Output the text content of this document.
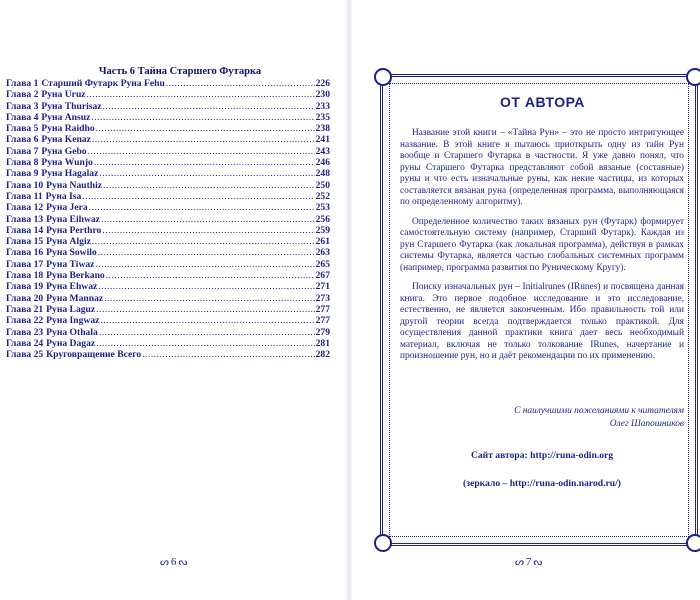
Часть 6 Тайна Старшего Футарка
Глава 1 Старший Футарк Руна Fehu .....	226
Глава 2 Руна Uruz .....	230
Глава 3 Руна Thurisaz .....	233
Глава 4 Руна Ansuz .....	235
Глава 5 Руна Raidho .....	238
Глава 6 Руна Kenaz .....	241
Глава 7 Руна Gebo .....	243
Глава 8 Руна Wunjo .....	246
Глава 9 Руна Hagalaz .....	248
Глава 10 Руна Nauthiz .....	250
Глава 11 Руна Isa .....	252
Глава 12 Руна Jera .....	253
Глава 13 Руна Eihwaz .....	256
Глава 14 Руна Perthro .....	259
Глава 15 Руна Algiz .....	261
Глава 16 Руна Sowilo .....	263
Глава 17 Руна Tiwaz .....	265
Глава 18 Руна Berkano .....	267
Глава 19 Руна Ehwaz .....	271
Глава 20 Руна Mannaz .....	273
Глава 21 Руна Laguz .....	277
Глава 22 Руна Ingwaz .....	277
Глава 23 Руна Othala .....	279
Глава 24 Руна Dagaz .....	281
Глава 25 Круговращение Всего .....	282
ᔕ 6 ᔓ
ОТ АВТОРА

Название этой книги – «Тайна Рун» – это не просто интригующее название. В этой книге я пытаюсь приоткрыть одну из тайн Рун вообще и Старшего Футарка в частности. Я уже давно понял, что руны Старшего Футарка представляют собой вязаные (составные) руны и что есть изначальные руны, как некие частицы, из которых составляется вязаная руна (определенная программа, выполняющаяся по определенному алгоритму).

Определенное количество таких вязаных рун (Футарк) формирует самостоятельную систему (например, Старший Футарк). Каждая из рун Старшего Футарка (как локальная программа), действуя в рамках системы Футарка, является частью глобальных системных программ (например, программа развития по Руническому Кругу).

Поиску изначальных рун – Initialrunes (IRunes) и посвящена данная книга. Это первое подобное исследование и это исследование, естественно, не является законченным. Ибо правильность той или другой теории всегда подтверждается только практикой. Для осуществления данной практики книга дает весь необходимый материал, включая не только толкование IRunes, начертание и произношение рун, но и даёт рекомендации по их применению.

С наилучшими пожеланиями к читателям
Олег Шапошников
Сайт автора: http://runa-odin.org
(зеркало – http://runa-odin.narod.ru/)
ᔕ 7 ᔓ
